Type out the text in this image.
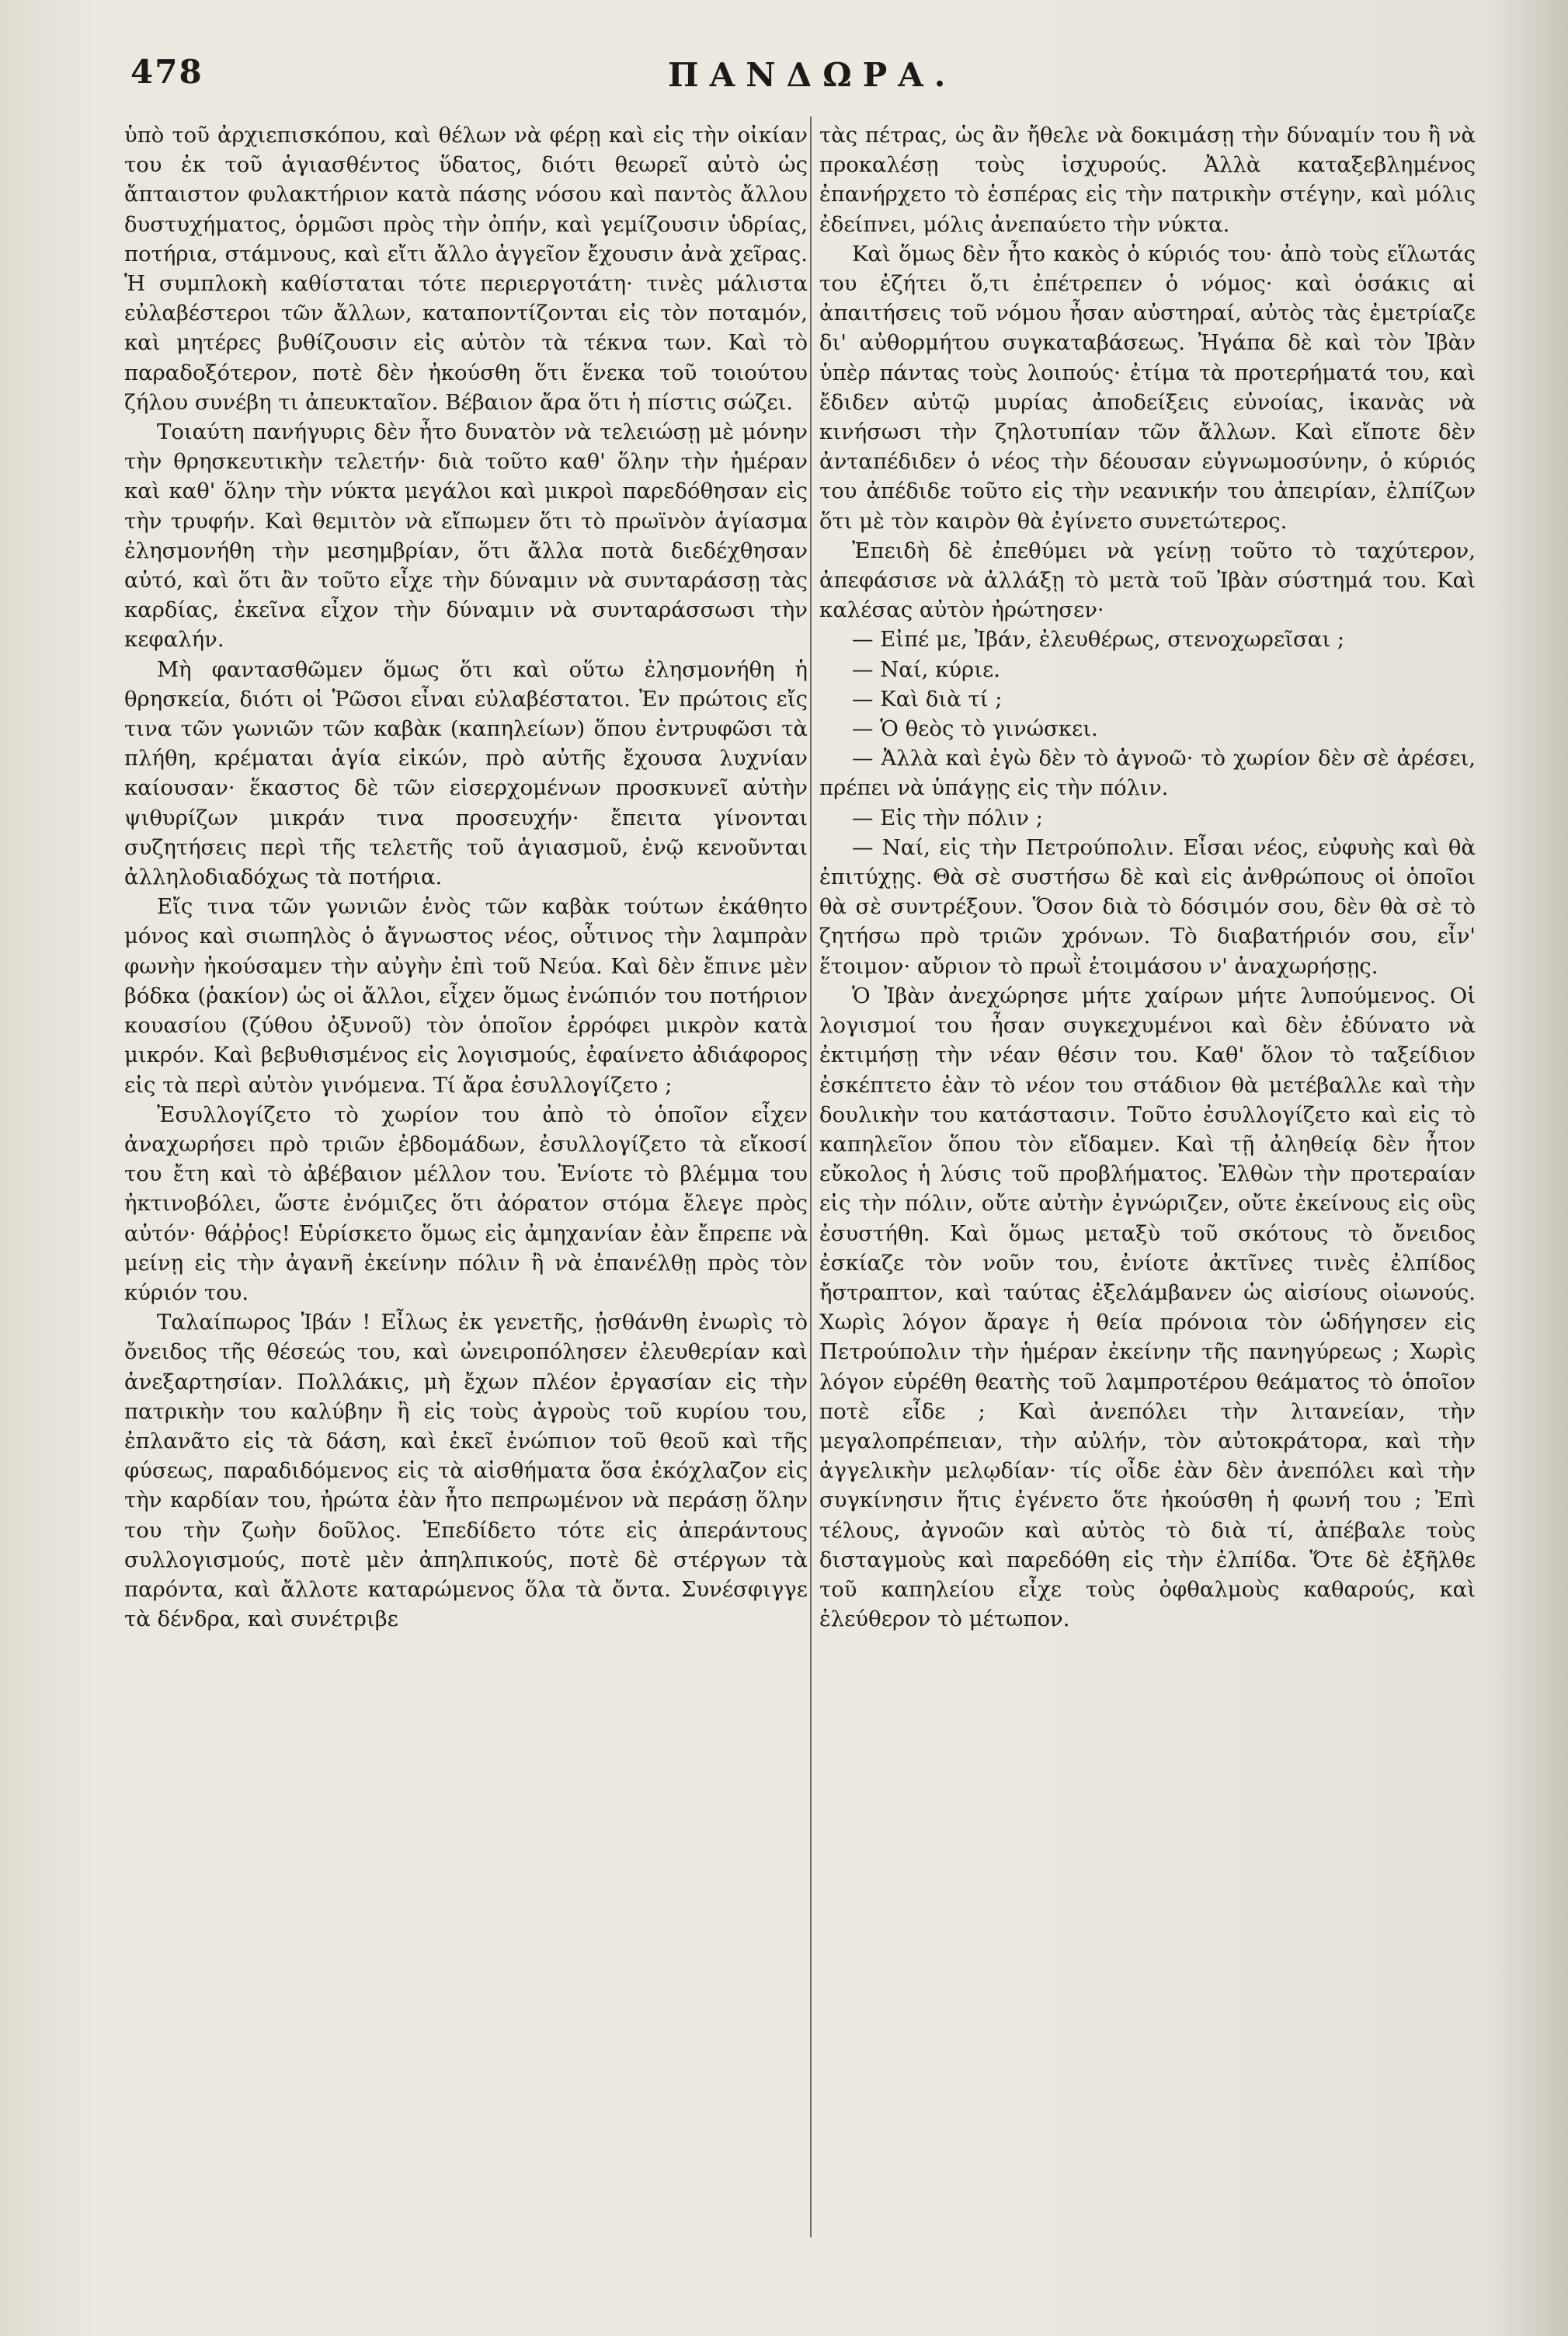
478	ΠΑΝΔΩΡΑ.

ὑπὸ τοῦ ἀρχιεπισκόπου, καὶ θέλων νὰ φέρῃ καὶ εἰς τὴν οἰκίαν του ἐκ τοῦ ἁγιασθέντος ὕδατος, διότι θεωρεῖ αὐτὸ ὡς ἄπταιστον φυλακτήριον κατὰ πάσης νόσου καὶ παντὸς ἄλλου δυστυχήματος, ὁρμῶσι πρὸς τὴν ὀπήν, καὶ γεμίζουσιν ὑδρίας, ποτήρια, στάμνους, καὶ εἴτι ἄλλο ἀγγεῖον ἔχουσιν ἀνὰ χεῖρας. Ἡ συμπλοκὴ καθίσταται τότε περιεργοτάτη· τινὲς μάλιστα εὐλαβέστεροι τῶν ἄλλων, καταποντίζονται εἰς τὸν ποταμόν, καὶ μητέρες βυθίζουσιν εἰς αὐτὸν τὰ τέκνα των. Καὶ τὸ παραδοξότερον, ποτὲ δὲν ἠκούσθη ὅτι ἕνεκα τοῦ τοιούτου ζήλου συνέβη τι ἀπευκταῖον. Βέβαιον ἄρα ὅτι ἡ πίστις σώζει.

Τοιαύτη πανήγυρις δὲν ἦτο δυνατὸν νὰ τελειώσῃ μὲ μόνην τὴν θρησκευτικὴν τελετήν· διὰ τοῦτο καθ' ὅλην τὴν ἡμέραν καὶ καθ' ὅλην τὴν νύκτα μεγάλοι καὶ μικροὶ παρεδόθησαν εἰς τὴν τρυφήν. Καὶ θεμιτὸν νὰ εἴπωμεν ὅτι τὸ πρωϊνὸν ἁγίασμα ἐλησμονήθη τὴν μεσημβρίαν, ὅτι ἄλλα ποτὰ διεδέχθησαν αὐτό, καὶ ὅτι ἂν τοῦτο εἶχε τὴν δύναμιν νὰ συνταράσσῃ τὰς καρδίας, ἐκεῖνα εἶχον τὴν δύναμιν νὰ συνταράσσωσι τὴν κεφαλήν.

Μὴ φαντασθῶμεν ὅμως ὅτι καὶ οὕτω ἐλησμονήθη ἡ θρησκεία, διότι οἱ Ῥῶσοι εἶναι εὐλαβέστατοι. Ἐν πρώτοις εἴς τινα τῶν γωνιῶν τῶν καβὰκ (καπηλείων) ὅπου ἐντρυφῶσι τὰ πλήθη, κρέμαται ἁγία εἰκών, πρὸ αὐτῆς ἔχουσα λυχνίαν καίουσαν· ἕκαστος δὲ τῶν εἰσερχομένων προσκυνεῖ αὐτὴν ψιθυρίζων μικράν τινα προσευχήν· ἔπειτα γίνονται συζητήσεις περὶ τῆς τελετῆς τοῦ ἁγιασμοῦ, ἐνῷ κενοῦνται ἀλληλοδιαδόχως τὰ ποτήρια.

Εἴς τινα τῶν γωνιῶν ἑνὸς τῶν καβὰκ τούτων ἐκάθητο μόνος καὶ σιωπηλὸς ὁ ἄγνωστος νέος, οὗτινος τὴν λαμπρὰν φωνὴν ἠκούσαμεν τὴν αὐγὴν ἐπὶ τοῦ Νεύα. Καὶ δὲν ἔπινε μὲν βόδκα (ῥακίον) ὡς οἱ ἄλλοι, εἶχεν ὅμως ἐνώπιόν του ποτήριον κουασίου (ζύθου ὀξυνοῦ) τὸν ὁποῖον ἐρρόφει μικρὸν κατὰ μικρόν. Καὶ βεβυθισμένος εἰς λογισμούς, ἐφαίνετο ἀδιάφορος εἰς τὰ περὶ αὐτὸν γινόμενα. Τί ἄρα ἐσυλλογίζετο ;

Ἐσυλλογίζετο τὸ χωρίον του ἀπὸ τὸ ὁποῖον εἶχεν ἀναχωρήσει πρὸ τριῶν ἑβδομάδων, ἐσυλλογίζετο τὰ εἴκοσί του ἔτη καὶ τὸ ἀβέβαιον μέλλον του. Ἐνίοτε τὸ βλέμμα του ἠκτινοβόλει, ὥστε ἐνόμιζες ὅτι ἀόρατον στόμα ἔλεγε πρὸς αὐτόν· θάῤῥος! Εὑρίσκετο ὅμως εἰς ἀμηχανίαν ἐὰν ἔπρεπε νὰ μείνῃ εἰς τὴν ἀγανῆ ἐκείνην πόλιν ἢ νὰ ἐπανέλθῃ πρὸς τὸν κύριόν του.

Ταλαίπωρος Ἰβάν ! Εἶλως ἐκ γενετῆς, ᾐσθάνθη ἐνωρὶς τὸ ὄνειδος τῆς θέσεώς του, καὶ ὠνειροπόλησεν ἐλευθερίαν καὶ ἀνεξαρτησίαν. Πολλάκις, μὴ ἔχων πλέον ἐργασίαν εἰς τὴν πατρικὴν του καλύβην ἢ εἰς τοὺς ἀγροὺς τοῦ κυρίου του, ἐπλανᾶτο εἰς τὰ δάση, καὶ ἐκεῖ ἐνώπιον τοῦ θεοῦ καὶ τῆς φύσεως, παραδιδόμενος εἰς τὰ αἰσθήματα ὅσα ἐκόχλαζον εἰς τὴν καρδίαν του, ἠρώτα ἐὰν ἦτο πεπρωμένον νὰ περάσῃ ὅλην του τὴν ζωὴν δοῦλος. Ἐπεδίδετο τότε εἰς ἀπεράντους συλλογισμούς, ποτὲ μὲν ἀπηλπικούς, ποτὲ δὲ στέργων τὰ παρόντα, καὶ ἄλλοτε καταρώμενος ὅλα τὰ ὄντα. Συνέσφιγγε τὰ δένδρα, καὶ συνέτριβε

τὰς πέτρας, ὡς ἂν ἤθελε νὰ δοκιμάσῃ τὴν δύναμίν του ἢ νὰ προκαλέσῃ τοὺς ἰσχυρούς. Ἀλλὰ καταξεβλημένος ἐπανήρχετο τὸ ἑσπέρας εἰς τὴν πατρικὴν στέγην, καὶ μόλις ἐδείπνει, μόλις ἀνεπαύετο τὴν νύκτα.

Καὶ ὅμως δὲν ἦτο κακὸς ὁ κύριός του· ἀπὸ τοὺς εἵλωτάς του ἐζήτει ὅ,τι ἐπέτρεπεν ὁ νόμος· καὶ ὁσάκις αἱ ἀπαιτήσεις τοῦ νόμου ἦσαν αὐστηραί, αὐτὸς τὰς ἐμετρίαζε δι' αὐθορμήτου συγκαταβάσεως. Ἠγάπα δὲ καὶ τὸν Ἰβὰν ὑπὲρ πάντας τοὺς λοιπούς· ἐτίμα τὰ προτερήματά του, καὶ ἔδιδεν αὐτῷ μυρίας ἀποδείξεις εὐνοίας, ἱκανὰς νὰ κινήσωσι τὴν ζηλοτυπίαν τῶν ἄλλων. Καὶ εἴποτε δὲν ἀνταπέδιδεν ὁ νέος τὴν δέουσαν εὐγνωμοσύνην, ὁ κύριός του ἀπέδιδε τοῦτο εἰς τὴν νεανικήν του ἀπειρίαν, ἐλπίζων ὅτι μὲ τὸν καιρὸν θὰ ἐγίνετο συνετώτερος.

Ἐπειδὴ δὲ ἐπεθύμει νὰ γείνῃ τοῦτο τὸ ταχύτερον, ἀπεφάσισε νὰ ἀλλάξῃ τὸ μετὰ τοῦ Ἰβὰν σύστημά του. Καὶ καλέσας αὐτὸν ἠρώτησεν·

— Εἰπέ με, Ἰβάν, ἐλευθέρως, στενοχωρεῖσαι ;

— Ναί, κύριε.

— Καὶ διὰ τί ;

— Ὁ θεὸς τὸ γινώσκει.

— Ἀλλὰ καὶ ἐγὼ δὲν τὸ ἀγνοῶ· τὸ χωρίον δὲν σὲ ἀρέσει, πρέπει νὰ ὑπάγῃς εἰς τὴν πόλιν.

— Εἰς τὴν πόλιν ;

— Ναί, εἰς τὴν Πετρούπολιν. Εἶσαι νέος, εὐφυὴς καὶ θὰ ἐπιτύχῃς. Θὰ σὲ συστήσω δὲ καὶ εἰς ἀνθρώπους οἱ ὁποῖοι θὰ σὲ συντρέξουν. Ὅσον διὰ τὸ δόσιμόν σου, δὲν θὰ σὲ τὸ ζητήσω πρὸ τριῶν χρόνων. Τὸ διαβατήριόν σου, εἶν' ἕτοιμον· αὔριον τὸ πρωῒ ἑτοιμάσου ν' ἀναχωρήσῃς.

Ὁ Ἰβὰν ἀνεχώρησε μήτε χαίρων μήτε λυπούμενος. Οἱ λογισμοί του ἦσαν συγκεχυμένοι καὶ δὲν ἐδύνατο νὰ ἐκτιμήσῃ τὴν νέαν θέσιν του. Καθ' ὅλον τὸ ταξείδιον ἐσκέπτετο ἐὰν τὸ νέον του στάδιον θὰ μετέβαλλε καὶ τὴν δουλικὴν του κατάστασιν. Τοῦτο ἐσυλλογίζετο καὶ εἰς τὸ καπηλεῖον ὅπου τὸν εἴδαμεν. Καὶ τῇ ἀληθείᾳ δὲν ἦτον εὔκολος ἡ λύσις τοῦ προβλήματος. Ἐλθὼν τὴν προτεραίαν εἰς τὴν πόλιν, οὔτε αὐτὴν ἐγνώριζεν, οὔτε ἐκείνους εἰς οὓς ἐσυστήθη. Καὶ ὅμως μεταξὺ τοῦ σκότους τὸ ὄνειδος ἐσκίαζε τὸν νοῦν του, ἐνίοτε ἀκτῖνες τινὲς ἐλπίδος ἤστραπτον, καὶ ταύτας ἐξελάμβανεν ὡς αἰσίους οἰωνούς. Χωρὶς λόγον ἄραγε ἡ θεία πρόνοια τὸν ὡδήγησεν εἰς Πετρούπολιν τὴν ἡμέραν ἐκείνην τῆς πανηγύρεως ; Χωρὶς λόγον εὑρέθη θεατὴς τοῦ λαμπροτέρου θεάματος τὸ ὁποῖον ποτὲ εἶδε ; Καὶ ἀνεπόλει τὴν λιτανείαν, τὴν μεγαλοπρέπειαν, τὴν αὐλήν, τὸν αὐτοκράτορα, καὶ τὴν ἀγγελικὴν μελῳδίαν· τίς οἶδε ἐὰν δὲν ἀνεπόλει καὶ τὴν συγκίνησιν ἥτις ἐγένετο ὅτε ἠκούσθη ἡ φωνή του ; Ἐπὶ τέλους, ἀγνοῶν καὶ αὐτὸς τὸ διὰ τί, ἀπέβαλε τοὺς δισταγμοὺς καὶ παρεδόθη εἰς τὴν ἐλπίδα. Ὅτε δὲ ἐξῆλθε τοῦ καπηλείου εἶχε τοὺς ὀφθαλμοὺς καθαρούς, καὶ ἐλεύθερον τὸ μέτωπον.
